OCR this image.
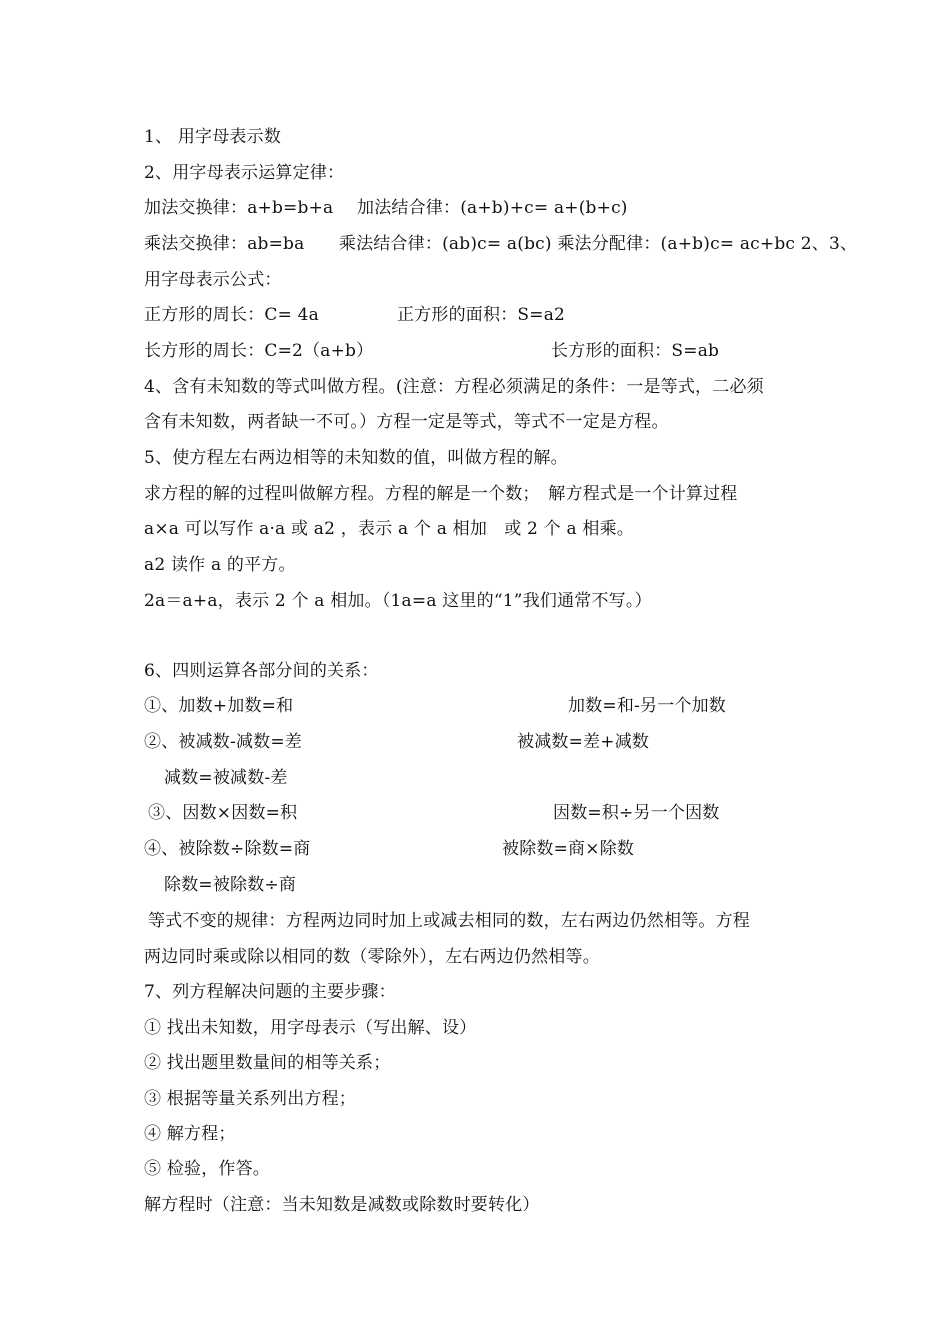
1、 用字母表示数
2、用字母表示运算定律：
加法交换律：a+b=b+a 加法结合律：(a+b)+c= a+(b+c)
乘法交换律：ab=ba　　乘法结合律：(ab)c= a(bc) 乘法分配律：(a+b)c= ac+bc 2、3、
用字母表示公式：
正方形的周长：C= 4a	正方形的面积：S=a2
长方形的周长：C=2（a+b）	长方形的面积：S=ab
4、含有未知数的等式叫做方程。(注意：方程必须满足的条件：一是等式，二必须
含有未知数，两者缺一不可。）方程一定是等式，等式不一定是方程。
5、使方程左右两边相等的未知数的值，叫做方程的解。
求方程的解的过程叫做解方程。方程的解是一个数；　解方程式是一个计算过程
a×a 可以写作 a·a 或 a2 ，表示 a 个 a 相加　或 2 个 a 相乘。
a2 读作 a 的平方。
2a＝a+a，表示 2 个 a 相加。（1a=a 这里的“1”我们通常不写。）
6、四则运算各部分间的关系：
①、加数+加数=和	加数=和-另一个加数
②、被减数-减数=差	被减数=差+减数
减数=被减数-差
③、因数×因数=积	因数=积÷另一个因数
④、被除数÷除数=商	被除数=商×除数
除数=被除数÷商
等式不变的规律：方程两边同时加上或减去相同的数，左右两边仍然相等。方程
两边同时乘或除以相同的数（零除外），左右两边仍然相等。
7、列方程解决问题的主要步骤：
① 找出未知数，用字母表示（写出解、设）
② 找出题里数量间的相等关系；
③ 根据等量关系列出方程；
④ 解方程；
⑤ 检验，作答。
解方程时（注意：当未知数是减数或除数时要转化）
